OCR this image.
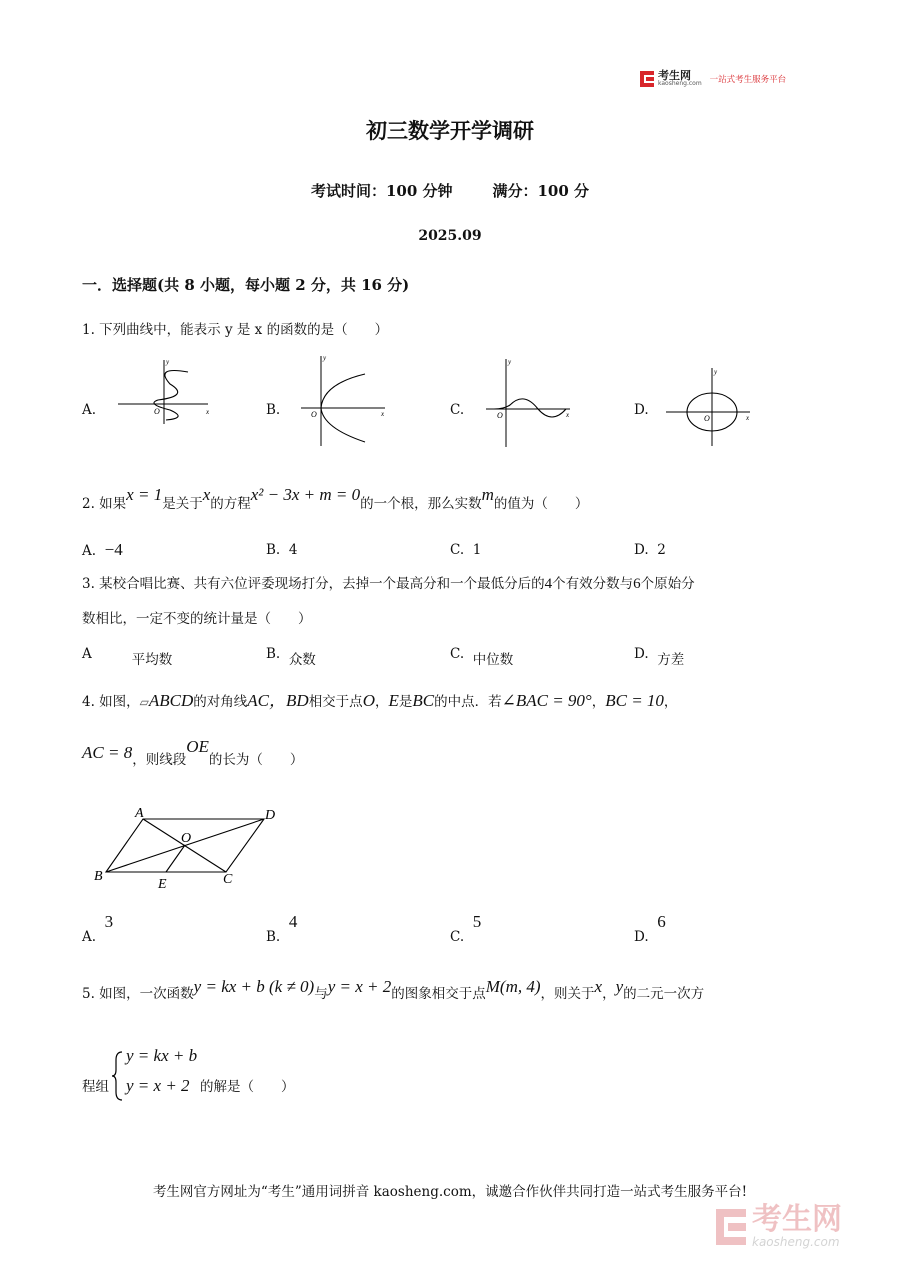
考生网
kaosheng.com 一站式考生服务平台
初三数学开学调研
考试时间：100 分钟	满分：100 分
2025.09
一．选择题(共 8 小题，每小题 2 分，共 16 分)
1. 下列曲线中，能表示 y 是 x 的函数的是（　　）
A.
y
x
O	B.
y
x
O	C.
y
x
O	D.
y
x
O
2. 如果x = 1是关于x的方程x² − 3x + m = 0的一个根，那么实数m的值为（　　）
A. −4	B. 4	C. 1	D. 2
3. 某校合唱比赛、共有六位评委现场打分，去掉一个最高分和一个最低分后的4个有效分数与6个原始分
数相比，一定不变的统计量是（　　）
A	平均数	B. 众数	C. 中位数	D. 方差
4. 如图，▱ABCD的对角线AC，BD相交于点O，E是BC的中点．若∠BAC = 90°，BC = 10，
AC = 8，则线段OE的长为（　　）
A	D
O
B	C
E
A.  3
B.  4
C.  5
D.  6
5. 如图，一次函数y = kx + b (k ≠ 0)与y = x + 2的图象相交于点M(m, 4)，则关于x，y的二元一次方
程组
y = kx + b
y = x + 2 的解是（　　）
考生网官方网址为“考生”通用词拼音 kaosheng.com，诚邀合作伙伴共同打造一站式考生服务平台!
考生网
kaosheng.com
